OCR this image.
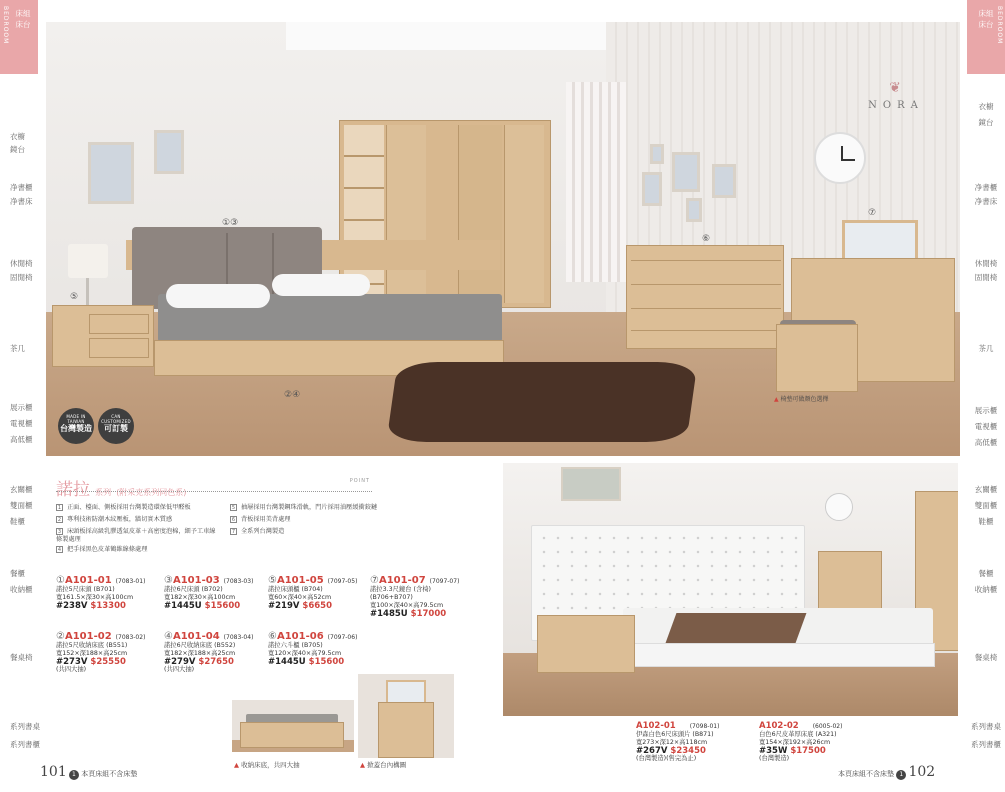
BEDROOM 床組
床台
衣櫥
鏡台
净書櫃
净書床
休閒椅
固閒椅
茶几
展示櫃
電視櫃
高低櫃
玄關櫃
雙面櫃
鞋櫃
餐櫃
收納櫃
餐桌椅
系列書桌
系列書櫃
BEDROOM
床組
床台
衣櫥
鏡台
净書櫃
净書床
休閒椅
固閒椅
茶几
展示櫃
電視櫃
高低櫃
玄關櫃
雙面櫃
鞋櫃
餐櫃
收納櫃
餐桌椅
系列書桌
系列書櫃
❦
NORA
①③
⑤
②④
⑥
⑦
MADE IN TAIWAN
台灣製造
CAN CUSTOMIZED
可訂製
▲ 椅墊可做顏色選擇
諾拉 系列 (附采克系列同色系)
POINT
1 正面、檯面、側板採用台灣製造環保低甲醛板
2 專利技術防潮木紋壓板，牆切實木質感
3 床頭板採高級乳膠透氣皮革＋高密度泡棉，細予工車線條製處理
4 把手採黑色皮革鶴維線條處理
5 抽屜採用台灣製鋼珠滑軌，門片採用油壓緩衝鉸鏈
6 背板採用美背處理
7 全系列台灣製造
①A101-01 (7083-01)
諾拉5尺床頭 (B701)
寬161.5×深30×高100cm
#238V $13300
②A101-02 (7083-02)
諾拉5尺收納床底 (B551)
寬152×深188×高25cm
#273V $25550
(共四大抽)
③A101-03 (7083-03)
諾拉6尺床頭 (B702)
寬182×深30×高100cm
#1445U $15600
④A101-04 (7083-04)
諾拉6尺收納床底 (B552)
寬182×深188×高25cm
#279V $27650
(共四大抽)
⑤A101-05 (7097-05)
諾拉床頭櫃 (B704)
寬60×深40×高52cm
#219V $6650
⑥A101-06 (7097-06)
諾拉六斗櫃 (B705)
寬120×深40×高79.5cm
#1445U $15600
⑦A101-07 (7097-07)
諾拉3.3尺鏡台 (含椅)
(B706+B707)
寬100×深40×高79.5cm
#1485U $17000
A102-01 (7098-01)
伊森白色6尺床頭片 (B871)
寬273×深12×高118cm
#267V $23450
(台灣製造)(售完為止)
A102-02 (6005-02)
白色6尺皮革厚床底 (A321)
寬154×深192×高26cm
#35W $17500
(台灣製造)
▲ 收納床底，共四大抽	▲ 掀蓋台內構圖
101 1 本頁床組不含床墊	本頁床組不含床墊 1 102
